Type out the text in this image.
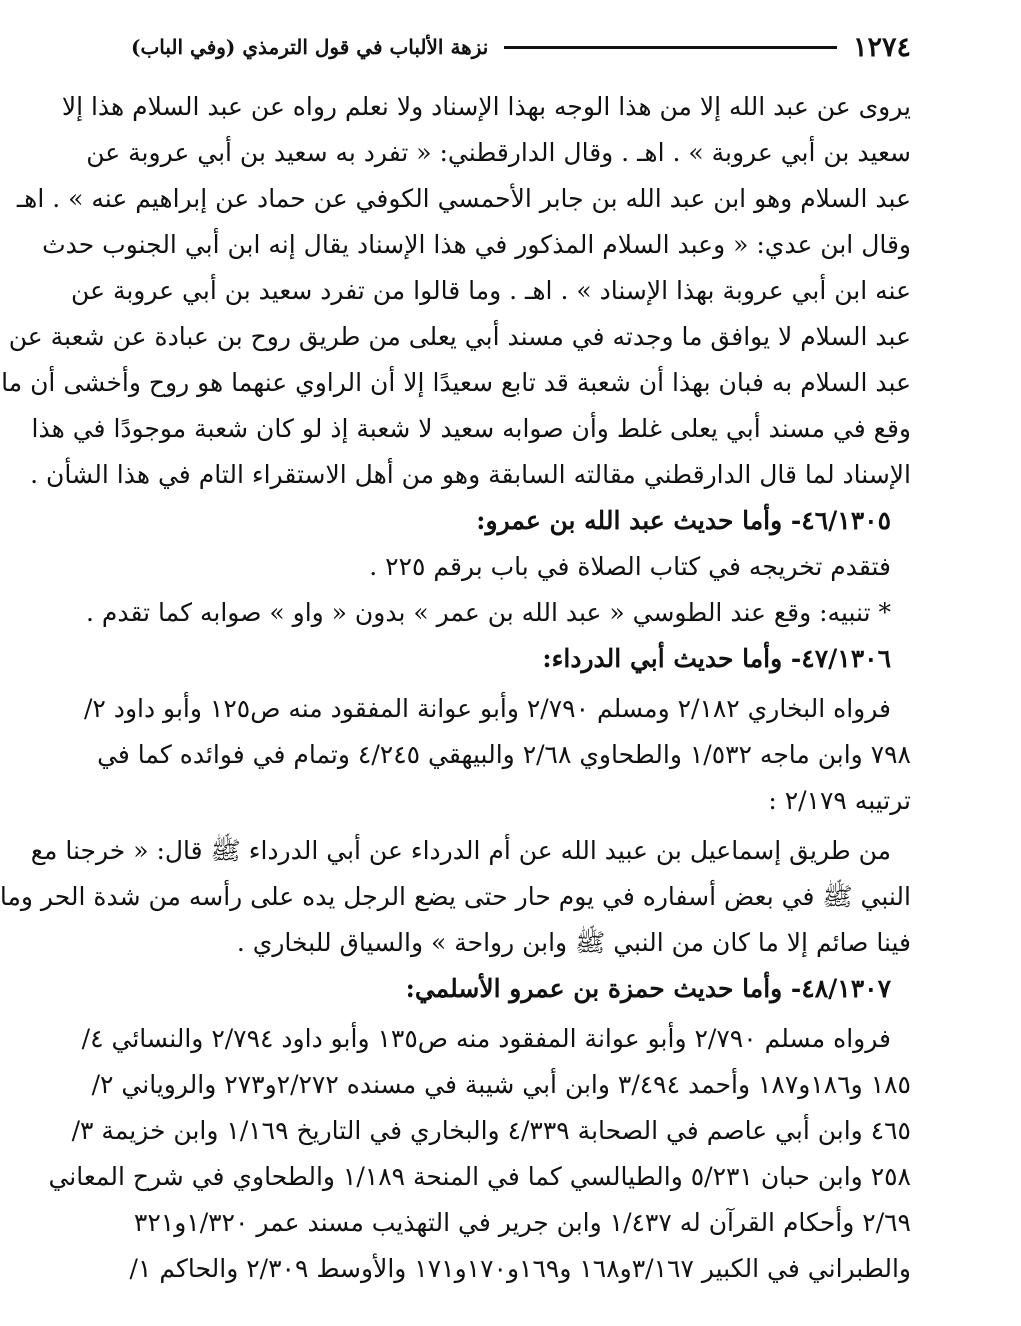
١٢٧٤
نزهة الألباب في قول الترمذي (وفي الباب)
يروى عن عبد الله إلا من هذا الوجه بهذا الإسناد ولا نعلم رواه عن عبد السلام هذا إلا
سعيد بن أبي عروبة » . اهـ . وقال الدارقطني: « تفرد به سعيد بن أبي عروبة عن
عبد السلام وهو ابن عبد الله بن جابر الأحمسي الكوفي عن حماد عن إبراهيم عنه » . اهـ
وقال ابن عدي: « وعبد السلام المذكور في هذا الإسناد يقال إنه ابن أبي الجنوب حدث
عنه ابن أبي عروبة بهذا الإسناد » . اهـ . وما قالوا من تفرد سعيد بن أبي عروبة عن
عبد السلام لا يوافق ما وجدته في مسند أبي يعلى من طريق روح بن عبادة عن شعبة عن
عبد السلام به فبان بهذا أن شعبة قد تابع سعيدًا إلا أن الراوي عنهما هو روح وأخشى أن ما
وقع في مسند أبي يعلى غلط وأن صوابه سعيد لا شعبة إذ لو كان شعبة موجودًا في هذا
الإسناد لما قال الدارقطني مقالته السابقة وهو من أهل الاستقراء التام في هذا الشأن .
٤٦/١٣٠٥- وأما حديث عبد الله بن عمرو:
فتقدم تخريجه في كتاب الصلاة في باب برقم ٢٢٥ .
* تنبيه: وقع عند الطوسي « عبد الله بن عمر » بدون « واو » صوابه كما تقدم .
٤٧/١٣٠٦- وأما حديث أبي الدرداء:
فرواه البخاري ٢/١٨٢ ومسلم ٢/٧٩٠ وأبو عوانة المفقود منه ص١٢٥ وأبو داود ٢/
٧٩٨ وابن ماجه ١/٥٣٢ والطحاوي ٢/٦٨ والبيهقي ٤/٢٤٥ وتمام في فوائده كما في
ترتيبه ٢/١٧٩ :
من طريق إسماعيل بن عبيد الله عن أم الدرداء عن أبي الدرداء ﷺ قال: « خرجنا مع
النبي ﷺ في بعض أسفاره في يوم حار حتى يضع الرجل يده على رأسه من شدة الحر وما
فينا صائم إلا ما كان من النبي ﷺ وابن رواحة » والسياق للبخاري .
٤٨/١٣٠٧- وأما حديث حمزة بن عمرو الأسلمي:
فرواه مسلم ٢/٧٩٠ وأبو عوانة المفقود منه ص١٣٥ وأبو داود ٢/٧٩٤ والنسائي ٤/
١٨٥ و١٨٦و١٨٧ وأحمد ٣/٤٩٤ وابن أبي شيبة في مسنده ٢/٢٧٢و٢٧٣ والروياني ٢/
٤٦٥ وابن أبي عاصم في الصحابة ٤/٣٣٩ والبخاري في التاريخ ١/١٦٩ وابن خزيمة ٣/
٢٥٨ وابن حبان ٥/٢٣١ والطيالسي كما في المنحة ١/١٨٩ والطحاوي في شرح المعاني
٢/٦٩ وأحكام القرآن له ١/٤٣٧ وابن جرير في التهذيب مسند عمر ١/٣٢٠و٣٢١
والطبراني في الكبير ٣/١٦٧و١٦٨ و١٦٩و١٧٠و١٧١ والأوسط ٢/٣٠٩ والحاكم ١/
